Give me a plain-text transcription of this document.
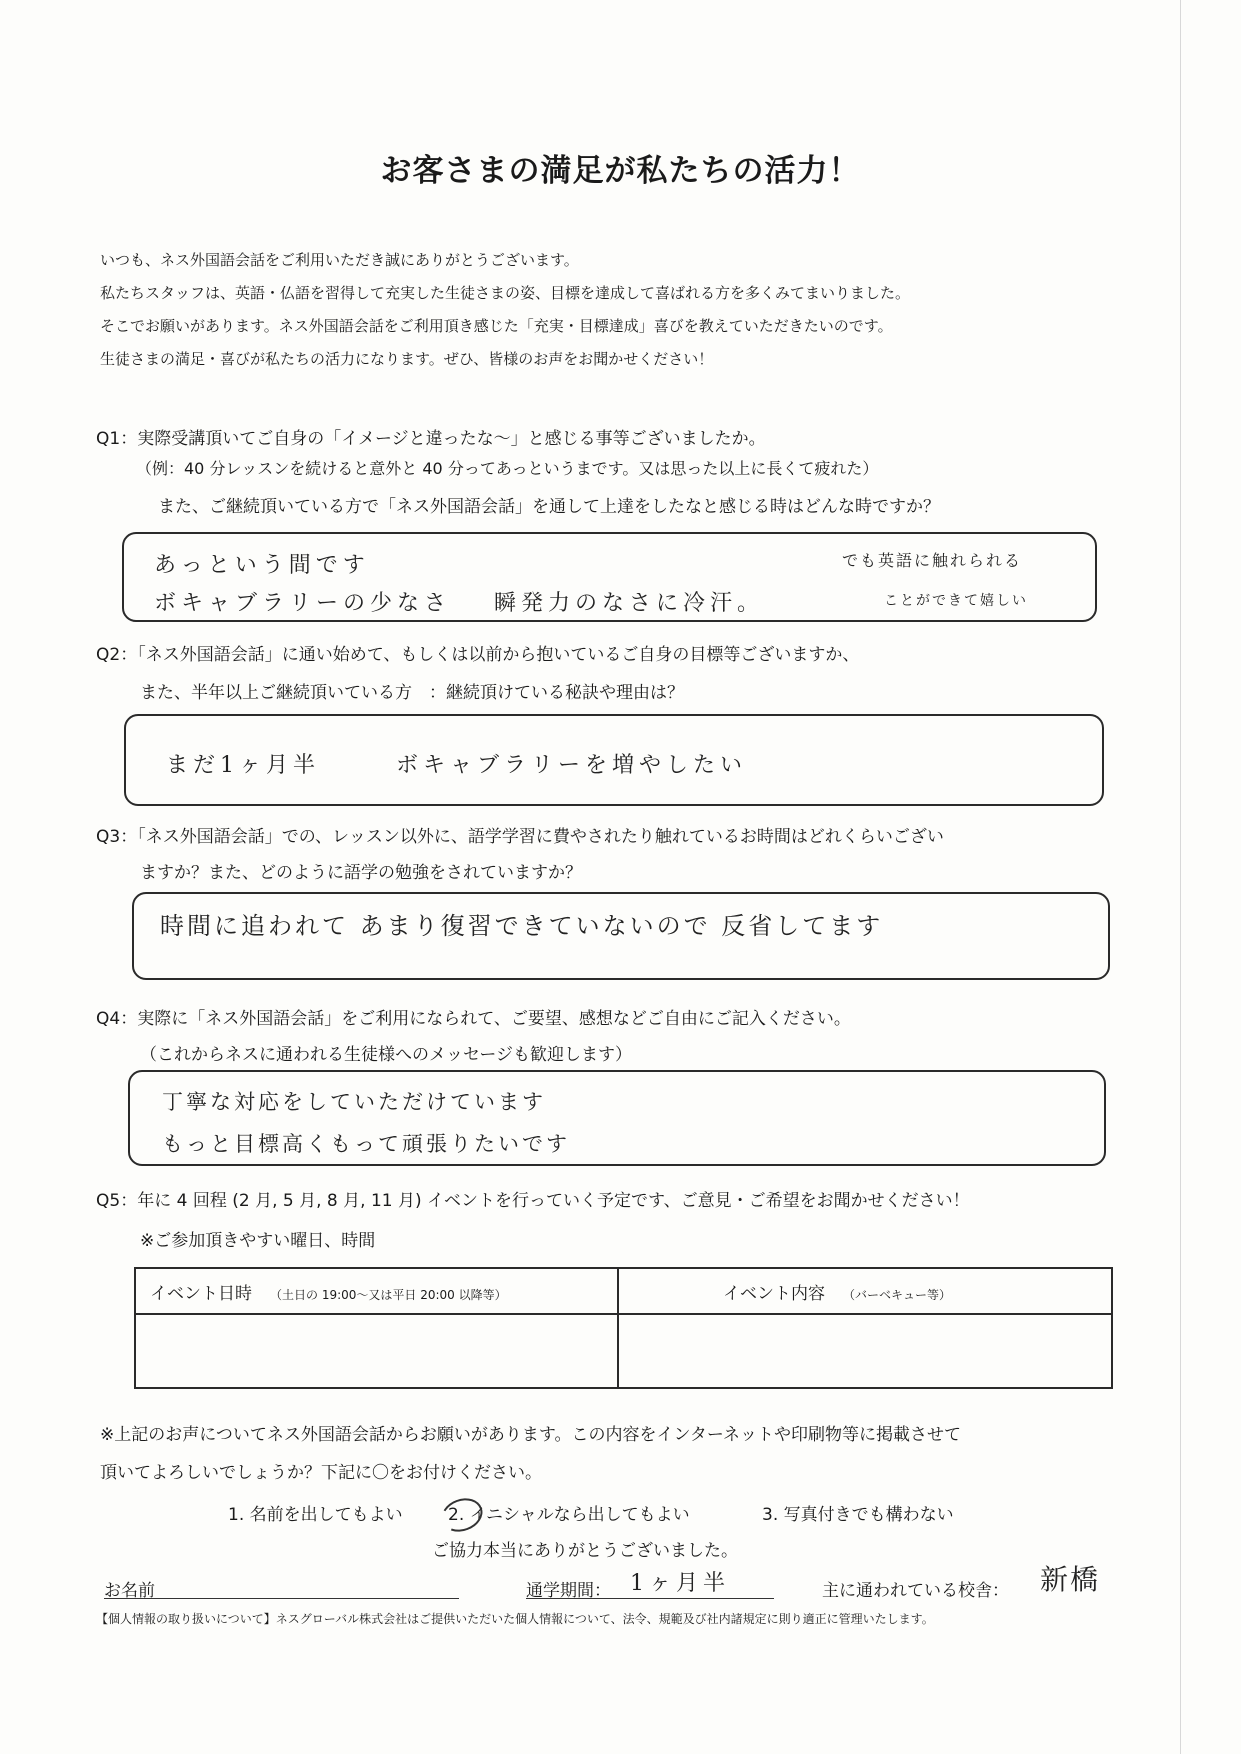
お客さまの満足が私たちの活力！
いつも、ネス外国語会話をご利用いただき誠にありがとうございます。
私たちスタッフは、英語・仏語を習得して充実した生徒さまの姿、目標を達成して喜ばれる方を多くみてまいりました。
そこでお願いがあります。ネス外国語会話をご利用頂き感じた「充実・目標達成」喜びを教えていただきたいのです。
生徒さまの満足・喜びが私たちの活力になります。ぜひ、皆様のお声をお聞かせください！
Q1：実際受講頂いてご自身の「イメージと違ったな～」と感じる事等ございましたか。
（例：40 分レッスンを続けると意外と 40 分ってあっというまです。又は思った以上に長くて疲れた）
また、ご継続頂いている方で「ネス外国語会話」を通して上達をしたなと感じる時はどんな時ですか？
あっという間です
ボキャブラリーの少なさ 瞬発力のなさに冷汗。
でも英語に触れられる
ことができて嬉しい
Q2：「ネス外国語会話」に通い始めて、もしくは以前から抱いているご自身の目標等ございますか、
また、半年以上ご継続頂いている方　：継続頂けている秘訣や理由は？
まだ1ヶ月半	ボキャブラリーを増やしたい
Q3：「ネス外国語会話」での、レッスン以外に、語学学習に費やされたり触れているお時間はどれくらいござい
ますか？また、どのように語学の勉強をされていますか？
時間に追われて あまり復習できていないので 反省してます
Q4：実際に「ネス外国語会話」をご利用になられて、ご要望、感想などご自由にご記入ください。
（これからネスに通われる生徒様へのメッセージも歓迎します）
丁寧な対応をしていただけています
もっと目標高くもって頑張りたいです
Q5：年に 4 回程 (2 月, 5 月, 8 月, 11 月) イベントを行っていく予定です、ご意見・ご希望をお聞かせください！
※ご参加頂きやすい曜日、時間
イベント日時 （土日の 19:00～又は平日 20:00 以降等）	イベント内容 （バーベキュー等）

※上記のお声についてネス外国語会話からお願いがあります。この内容をインターネットや印刷物等に掲載させて
頂いてよろしいでしょうか？下記に〇をお付けください。
1. 名前を出してもよい	2. イニシャルなら出してもよい	3. 写真付きでも構わない
ご協力本当にありがとうございました。
お名前	通学期間： 1ヶ月半	主に通われている校舎： 新橋
【個人情報の取り扱いについて】ネスグローバル株式会社はご提供いただいた個人情報について、法令、規範及び社内諸規定に則り適正に管理いたします。
